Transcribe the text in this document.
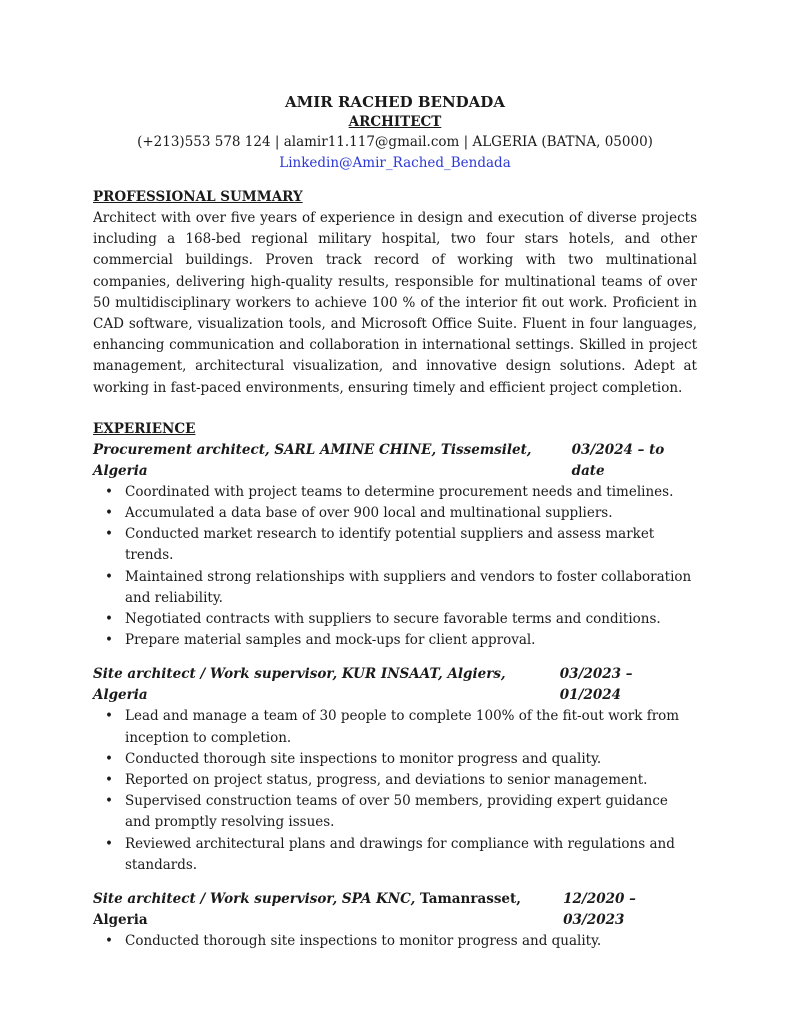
AMIR RACHED BENDADA
ARCHITECT
(+213)553 578 124 | alamir11.117@gmail.com | ALGERIA (BATNA, 05000)
Linkedin@Amir_Rached_Bendada
PROFESSIONAL SUMMARY

Architect with over five years of experience in design and execution of diverse projects including a 168-bed regional military hospital, two four stars hotels, and other commercial buildings. Proven track record of working with two multinational companies, delivering high-quality results, responsible for multinational teams of over 50 multidisciplinary workers to achieve 100 % of the interior fit out work. Proficient in CAD software, visualization tools, and Microsoft Office Suite. Fluent in four languages, enhancing communication and collaboration in international settings. Skilled in project management, architectural visualization, and innovative design solutions. Adept at working in fast-paced environments, ensuring timely and efficient project completion.

EXPERIENCE
Procurement architect, SARL AMINE CHINE, Tissemsilet, Algeria
03/2024 – to date
• Coordinated with project teams to determine procurement needs and timelines.
• Accumulated a data base of over 900 local and multinational suppliers.
• Conducted market research to identify potential suppliers and assess market trends.
• Maintained strong relationships with suppliers and vendors to foster collaboration and reliability.
• Negotiated contracts with suppliers to secure favorable terms and conditions.
• Prepare material samples and mock-ups for client approval.
Site architect / Work supervisor, KUR INSAAT, Algiers, Algeria
03/2023 – 01/2024
• Lead and manage a team of 30 people to complete 100% of the fit-out work from inception to completion.
• Conducted thorough site inspections to monitor progress and quality.
• Reported on project status, progress, and deviations to senior management.
• Supervised construction teams of over 50 members, providing expert guidance and promptly resolving issues.
• Reviewed architectural plans and drawings for compliance with regulations and standards.
Site architect / Work supervisor, SPA KNC, Tamanrasset, Algeria
12/2020 – 03/2023
• Conducted thorough site inspections to monitor progress and quality.
